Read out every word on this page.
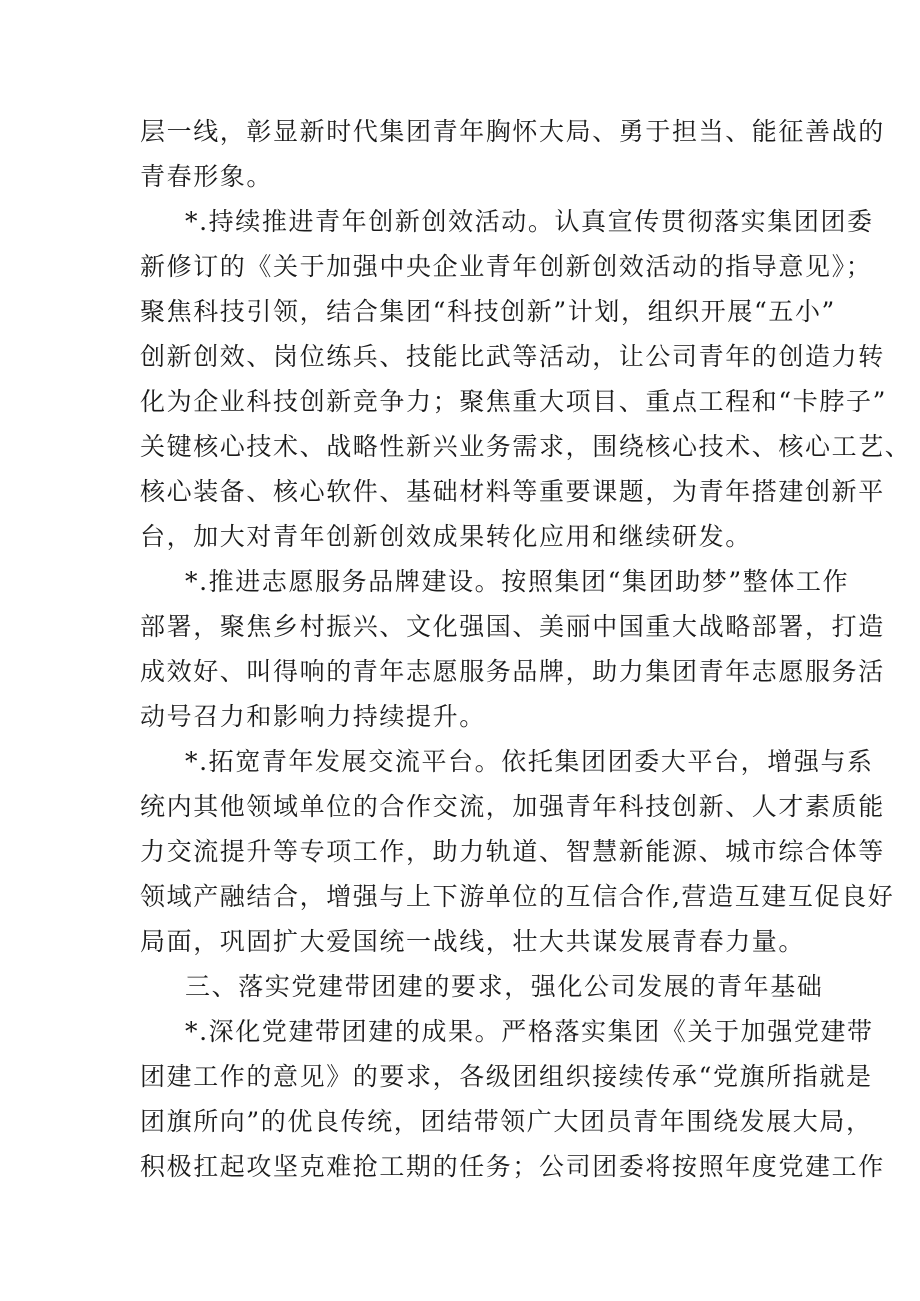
层一线，彰显新时代集团青年胸怀大局、勇于担当、能征善战的
青春形象。
*.持续推进青年创新创效活动。认真宣传贯彻落实集团团委
新修订的《关于加强中央企业青年创新创效活动的指导意见》；
聚焦科技引领，结合集团“科技创新”计划，组织开展“五小”
创新创效、岗位练兵、技能比武等活动，让公司青年的创造力转
化为企业科技创新竞争力；聚焦重大项目、重点工程和“卡脖子”
关键核心技术、战略性新兴业务需求，围绕核心技术、核心工艺、
核心装备、核心软件、基础材料等重要课题，为青年搭建创新平
台，加大对青年创新创效成果转化应用和继续研发。
*.推进志愿服务品牌建设。按照集团“集团助梦”整体工作
部署，聚焦乡村振兴、文化强国、美丽中国重大战略部署，打造
成效好、叫得响的青年志愿服务品牌，助力集团青年志愿服务活
动号召力和影响力持续提升。
*.拓宽青年发展交流平台。依托集团团委大平台，增强与系
统内其他领域单位的合作交流，加强青年科技创新、人才素质能
力交流提升等专项工作，助力轨道、智慧新能源、城市综合体等
领域产融结合，增强与上下游单位的互信合作,营造互建互促良好
局面，巩固扩大爱国统一战线，壮大共谋发展青春力量。
三、落实党建带团建的要求，强化公司发展的青年基础
*.深化党建带团建的成果。严格落实集团《关于加强党建带
团建工作的意见》的要求，各级团组织接续传承“党旗所指就是
团旗所向”的优良传统，团结带领广大团员青年围绕发展大局，
积极扛起攻坚克难抢工期的任务；公司团委将按照年度党建工作
